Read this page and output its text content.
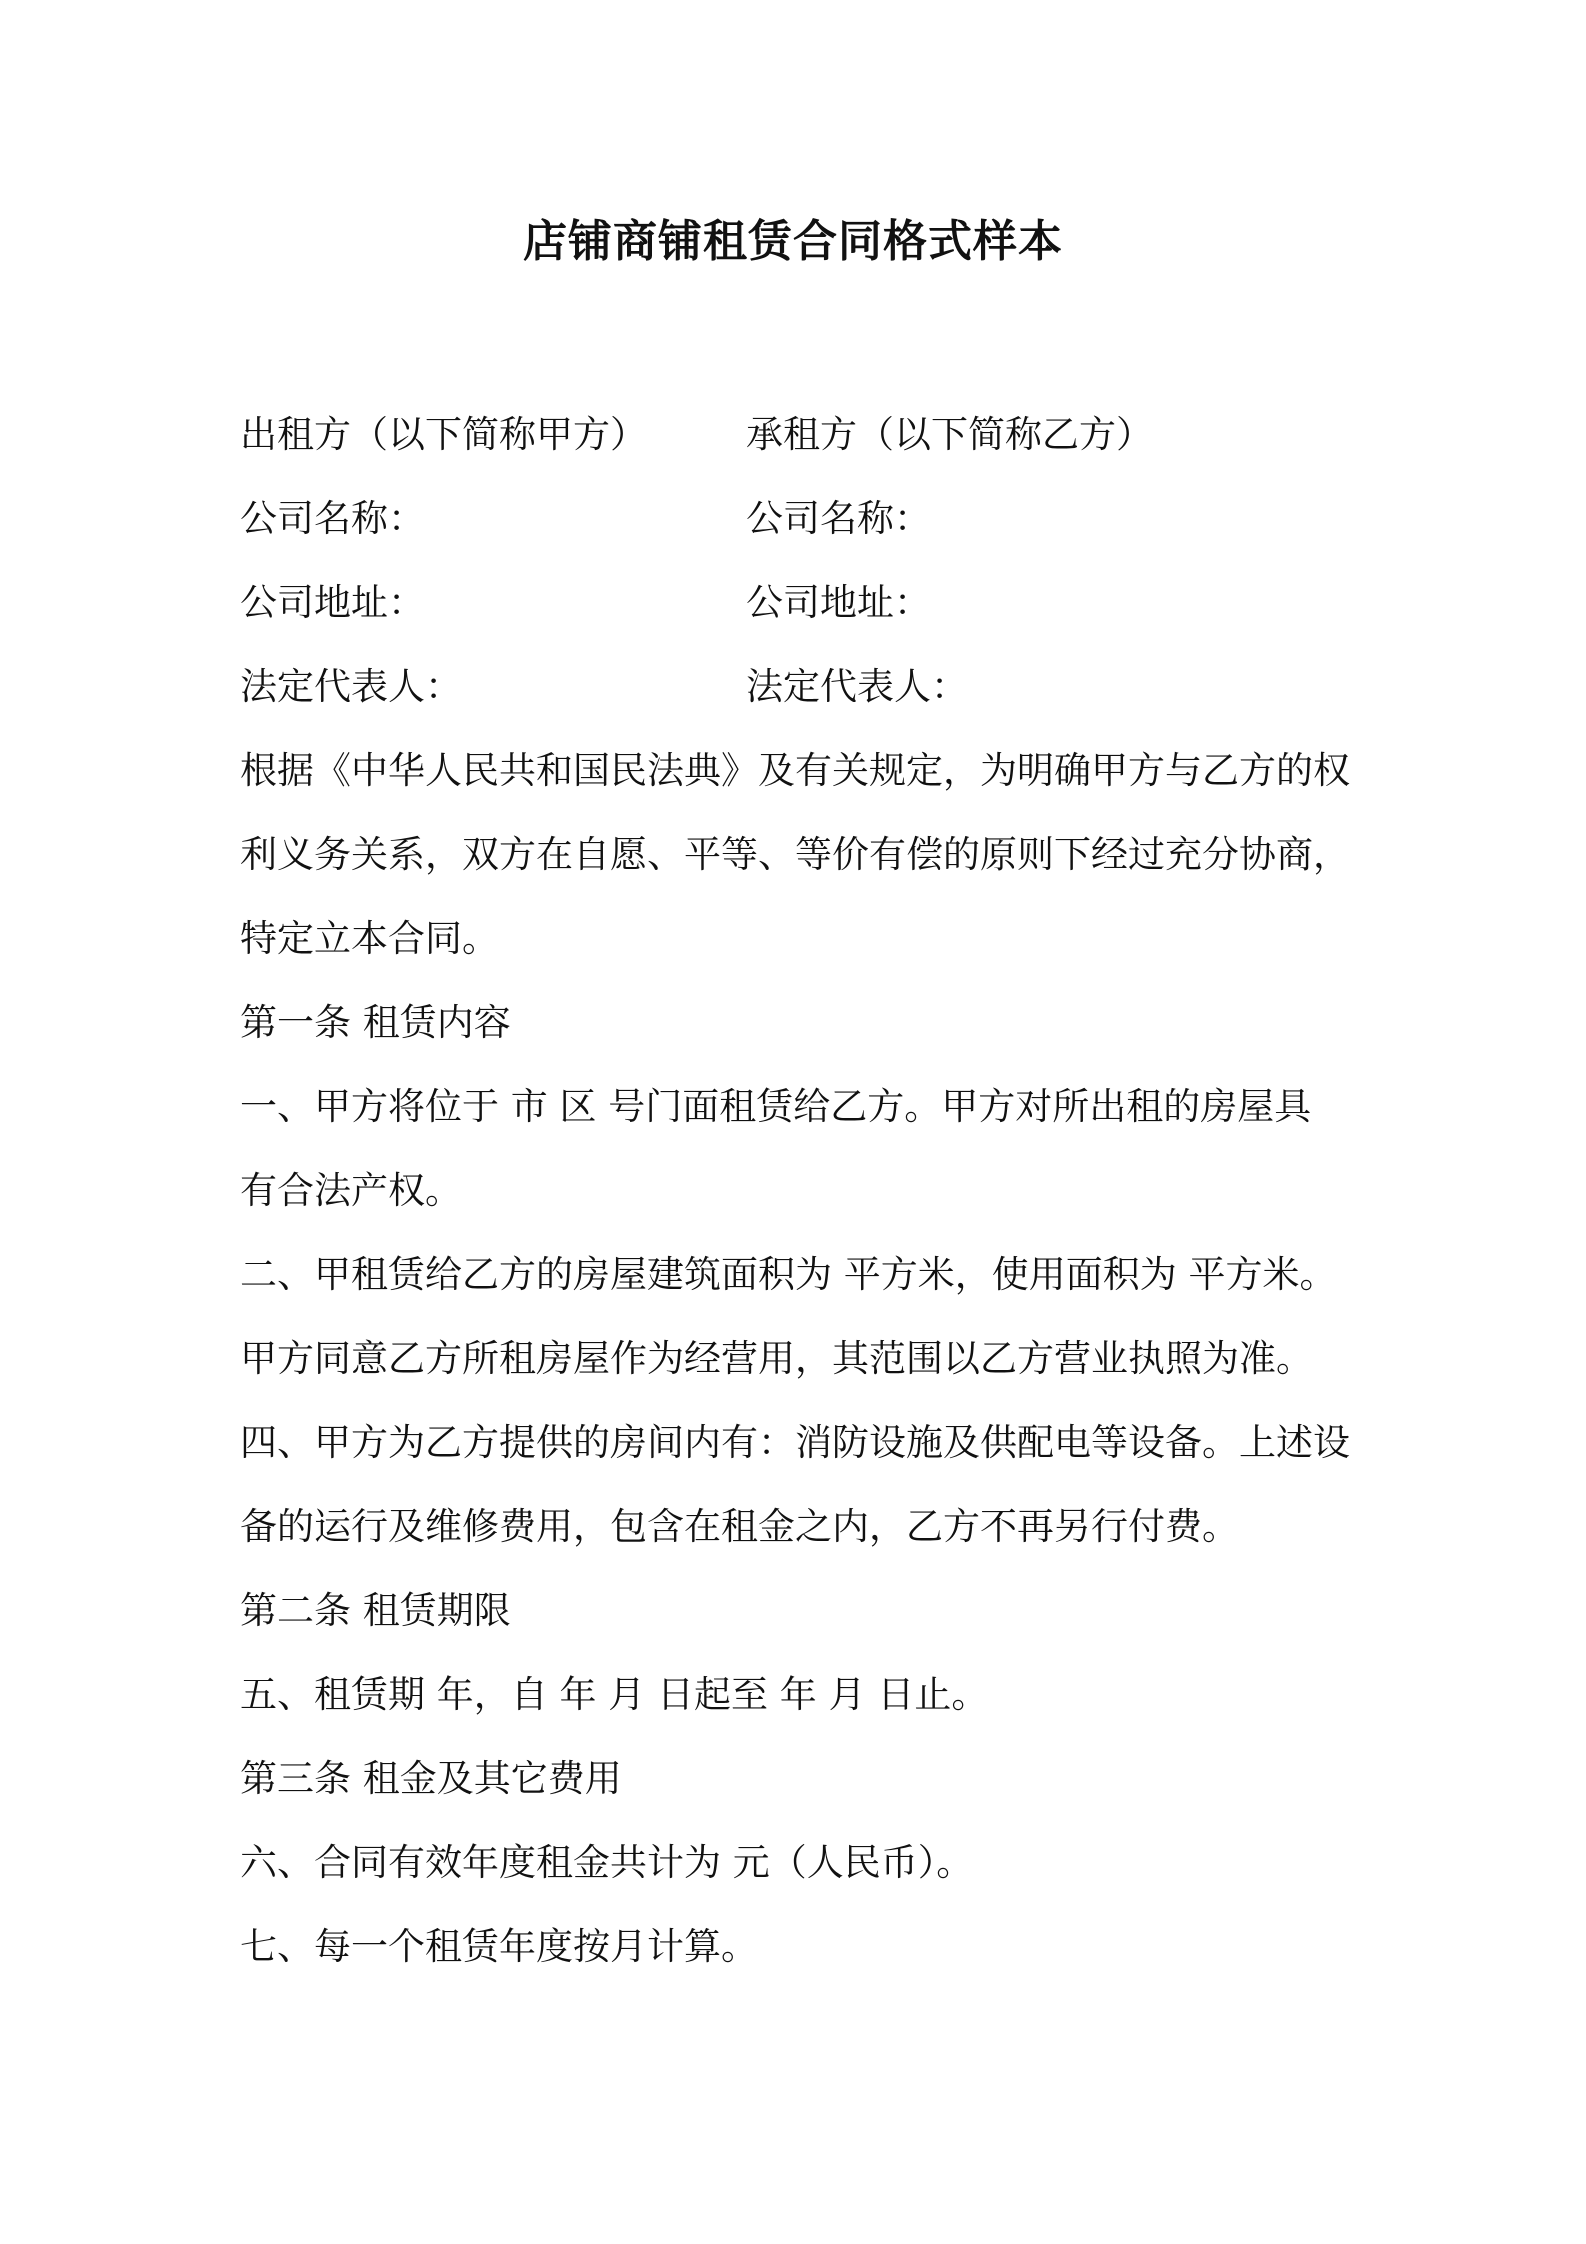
店铺商铺租赁合同格式样本
出租方（以下简称甲方）	承租方（以下简称乙方）
公司名称：	公司名称：
公司地址：	公司地址：
法定代表人：	法定代表人：
根据《中华人民共和国民法典》及有关规定，为明确甲方与乙方的权
利义务关系，双方在自愿、平等、等价有偿的原则下经过充分协商，
特定立本合同。
第一条 租赁内容
一、甲方将位于 市 区 号门面租赁给乙方。甲方对所出租的房屋具
有合法产权。
二、甲租赁给乙方的房屋建筑面积为 平方米，使用面积为 平方米。
甲方同意乙方所租房屋作为经营用，其范围以乙方营业执照为准。
四、甲方为乙方提供的房间内有：消防设施及供配电等设备。上述设
备的运行及维修费用，包含在租金之内，乙方不再另行付费。
第二条 租赁期限
五、租赁期 年，自 年 月 日起至 年 月 日止。
第三条 租金及其它费用
六、合同有效年度租金共计为 元（人民币）。
七、每一个租赁年度按月计算。
